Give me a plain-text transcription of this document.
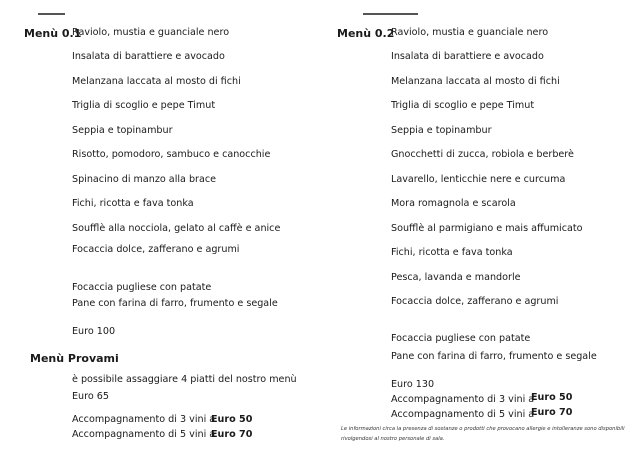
Menù 0.1
Raviolo, mustia e guanciale nero
Insalata di barattiere e avocado
Melanzana laccata al mosto di fichi
Triglia di scoglio e pepe Timut
Seppia e topinambur
Risotto, pomodoro, sambuco e canocchie
Spinacino di manzo alla brace
Fichi, ricotta e fava tonka
Soufflè alla nocciola, gelato al caffè e anice
Focaccia dolce, zafferano e agrumi
Focaccia pugliese con patate
Pane con farina di farro, frumento e segale
Euro 100
Menù Provami
è possibile assaggiare 4 piatti del nostro menù
Euro 65
Accompagnamento di 3 vini a
Euro 50
Accompagnamento di 5 vini a
Euro 70
Menù 0.2
Raviolo, mustia e guanciale nero
Insalata di barattiere e avocado
Melanzana laccata al mosto di fichi
Triglia di scoglio e pepe Timut
Seppia e topinambur
Gnocchetti di zucca, robiola e berberè
Lavarello, lenticchie nere e curcuma
Mora romagnola e scarola
Soufflè al parmigiano e mais affumicato
Fichi, ricotta e fava tonka
Pesca, lavanda e mandorle
Focaccia dolce, zafferano e agrumi
Focaccia pugliese con patate
Pane con farina di farro, frumento e segale
Euro 130
Accompagnamento di 3 vini a
Euro 50
Accompagnamento di 5 vini a
Euro 70
Le informazioni circa la presenza di sostanze o prodotti che provocano allergie e intolleranze sono disponibili
rivolgendosi al nostro personale di sala.
